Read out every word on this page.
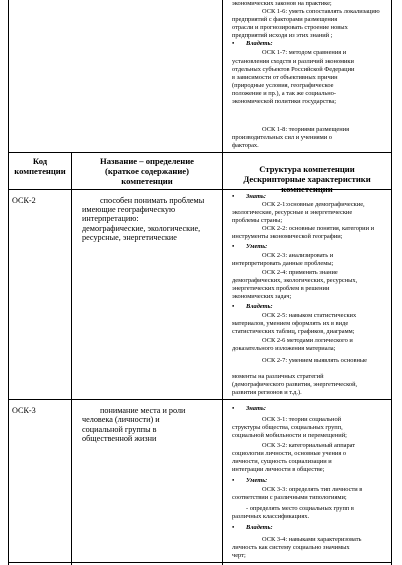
экономических законов на практике;
ОСК 1-6: уметь сопоставлять локализацию
предприятий с факторами размещения
отрасли и прогнозировать строение новых
предприятий исходя из этих знаний ;
• Владеть:
ОСК 1-7: методом сравнения и
установления сходств и различий экономики
отдельных субъектов Российской Федерации
в зависимости от объективных причин
(природные условия, географическое
положение и пр.), а так же социально-
экономической политики государства;
ОСК 1-8: теориями размещения
производительных сил и учениями о
факторах.
Код
компетенции
Название – определение
(краткое содержание)
компетенции
Структура компетенции
Дескрипторные характеристики
компетенции
ОСК-2	способен понимать проблемы
имеющие географическую
интерпретацию:
демографические, экологические,
ресурсные, энергетические
• Знать:
ОСК 2-1:основные демографические,
экологические, ресурсные и энергетические
проблемы страны;
ОСК 2-2: основные понятия, категории и
инструменты экономической географии;
• Уметь:
ОСК 2-3: анализировать и
интерпретировать данные проблемы;
ОСК 2-4: применять знание
демографических, экологических, ресурсных,
энергетических проблем в решении
экономических задач;
• Владеть:
ОСК 2-5: навыком статистических
материалов, умением оформлять их в виде
статистических таблиц, графиков, диаграмм;
ОСК 2-6 методами логического и
доказательного изложения материала;
ОСК 2-7: умением выявлять основные
моменты на различных стратегий
(демографического развития, энергетической,
развития регионов и т.д.).
ОСК-3	понимание места и роли
человека (личности) и
социальной группы в
общественной жизни
• Знать:
ОСК 3-1: теории социальной
структуры общества, социальных групп,
социальной мобильности и перемещений;
ОСК 3-2: категориальный аппарат
социологии личности, основные учения о
личности, сущность социализации и
интеграции личности в обществе;
• Уметь:
ОСК 3-3: определять тип личности в
соответствии с различными типологиями;
- определять место социальных групп в
различных классификациях.
• Владеть:
ОСК 3-4: навыками характеризовать
личность как систему социально значимых
черт;
